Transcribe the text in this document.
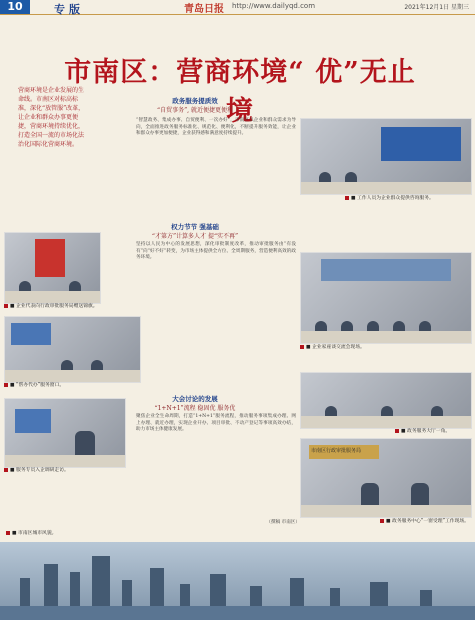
10	专版	青岛日报 http://www.dailyqd.com	2021年12月1日 星期三
市南区：营商环境“ 优”无止境
营商环境是企业发展的生命线。市南区对标高标准，深化“放管服”改革，让企业和群众办事更便捷，营商环境持续优化，打造全国一流的市场化法治化国际化营商环境。
■ 企业代表向行政审批服务局赠送锦旗。
■ “帮办代办”服务窗口。
■ 服务专员入企调研走访。
政务服务提质效
“自贸事务”, 就近便捷更便利
“智慧政务、集成办事、自贸便利、一次办好”，市南区以企业和群众需求为导向，全面推进政务服务标准化、规范化、便利化，不断提升服务效能，让企业和群众办事更加便捷，企业获得感和满意度持续提升。
■ 工作人员为企业群众提供咨询服务。
权力节节 强基础
“才第方”计算多人才 提“实不再”
坚持以人民为中心的发展思想，深化审批制度改革，推动审批服务由“有没有”向“好不好”转变，为市场主体提供全方位、全周期服务，营造便利高效的政务环境。
■ 企业家座谈交流会现场。
大会讨论的发展
“1+N+1”流程 稳固优 服务优
聚焦企业全生命周期，打造“1+N+1”服务流程，推动服务事项集成办理、网上办理、就近办理，实现企业开办、项目审批、不动产登记等事项高效办结，助力市场主体健康发展。
（撰稿 市南区）
■ 政务服务大厅一角。
市南区行政审批服务局
■ 政务服务中心“一窗受理”工作现场。
■ 市南区城市风貌。
